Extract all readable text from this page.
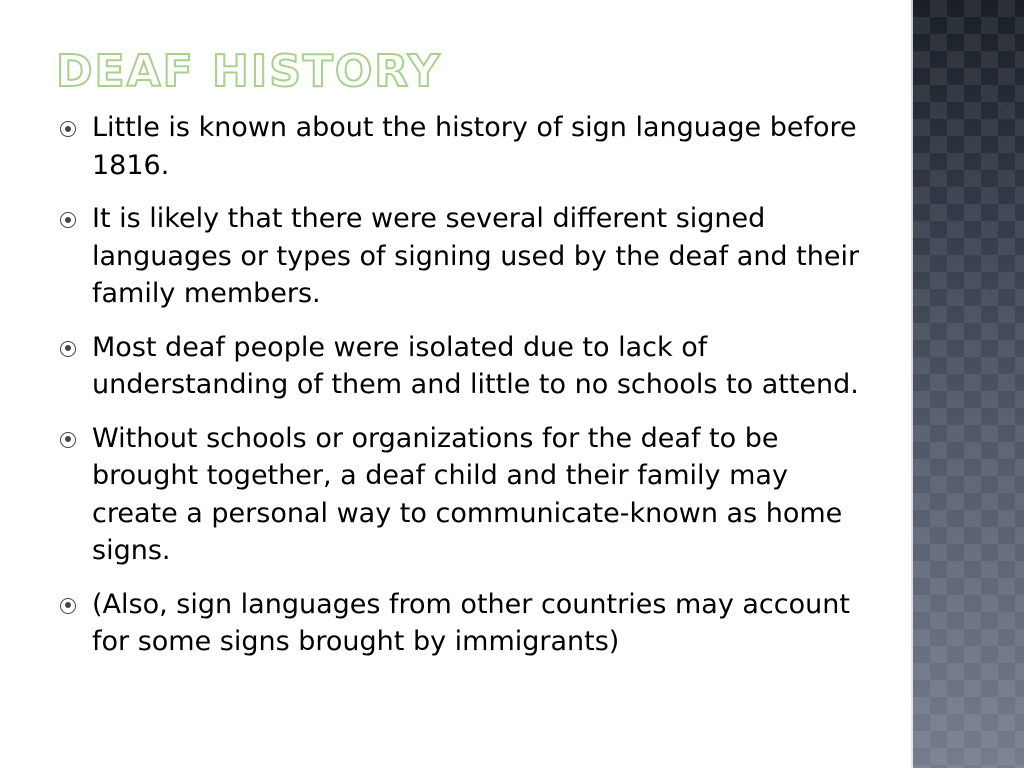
DEAF HISTORY
Little is known about the history of sign language before 1816.
It is likely that there were several different signed languages or types of signing used by the deaf and their family members.
Most deaf people were isolated due to lack of understanding of them and little to no schools to attend.
Without schools or organizations for the deaf to be brought together, a deaf child and their family may create a personal way to communicate-known as home signs.
(Also, sign languages from other countries may account for some signs brought by immigrants)
